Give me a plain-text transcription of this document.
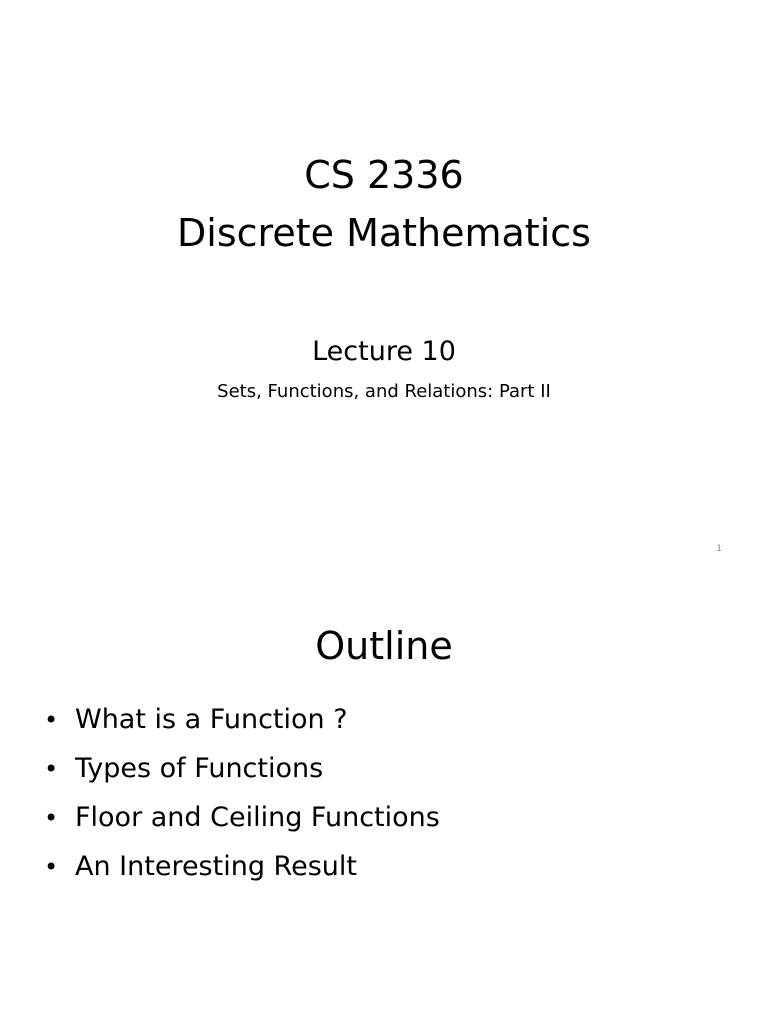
CS 2336
Discrete Mathematics
Lecture 10
Sets, Functions, and Relations: Part II
1
Outline
• What is a Function ?
• Types of Functions
• Floor and Ceiling Functions
• An Interesting Result
